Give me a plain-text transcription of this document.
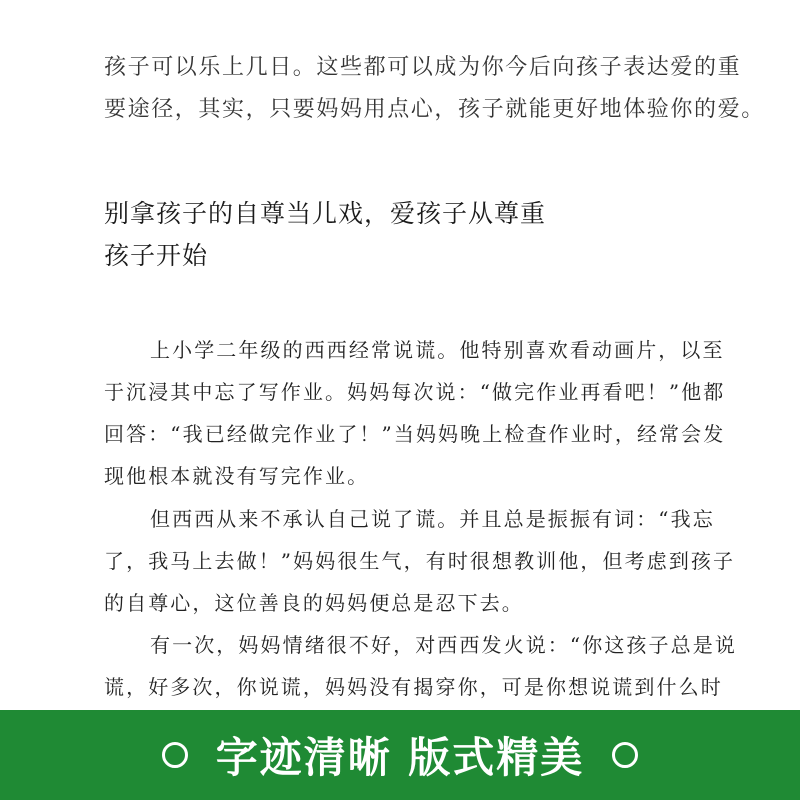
孩子可以乐上几日。这些都可以成为你今后向孩子表达爱的重
要途径，其实，只要妈妈用点心，孩子就能更好地体验你的爱。
别拿孩子的自尊当儿戏，爱孩子从尊重
孩子开始
上小学二年级的西西经常说谎。他特别喜欢看动画片，以至
于沉浸其中忘了写作业。妈妈每次说：“做完作业再看吧！”他都
回答：“我已经做完作业了！”当妈妈晚上检查作业时，经常会发
现他根本就没有写完作业。
但西西从来不承认自己说了谎。并且总是振振有词：“我忘
了，我马上去做！”妈妈很生气，有时很想教训他，但考虑到孩子
的自尊心，这位善良的妈妈便总是忍下去。
有一次，妈妈情绪很不好，对西西发火说：“你这孩子总是说
谎，好多次，你说谎，妈妈没有揭穿你，可是你想说谎到什么时
字迹清晰 版式精美
